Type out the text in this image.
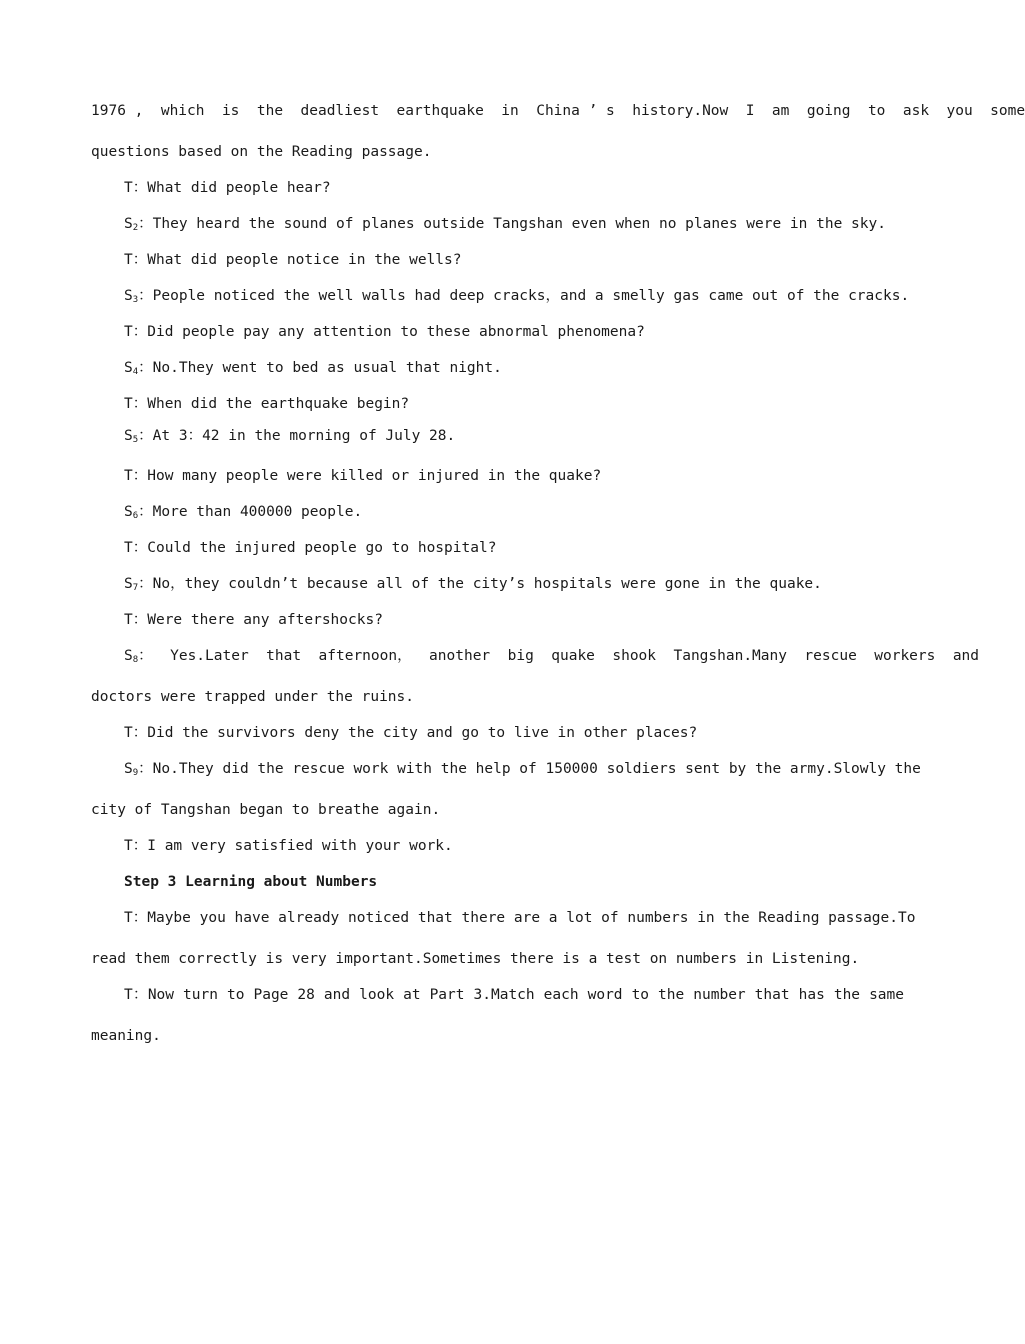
1976 ,  which  is  the  deadliest  earthquake  in  China ’ s  history.Now  I  am  going  to  ask  you  some
questions based on the Reading passage.
T：What did people hear?
$S_2$：They heard the sound of planes outside Tangshan even when no planes were in the sky.
T：What did people notice in the wells?
$S_3$：People noticed the well walls had deep cracks，and a smelly gas came out of the cracks.
T：Did people pay any attention to these abnormal phenomena?
$S_4$：No.They went to bed as usual that night.
T：When did the earthquake begin?
$S_5$：At 3：42 in the morning of July 28.
T：How many people were killed or injured in the quake?
$S_6$：More than 400000 people.
T：Could the injured people go to hospital?
$S_7$：No，they couldn’t because all of the city’s hospitals were gone in the quake.
T：Were there any aftershocks?
$S_8$：  Yes.Later  that  afternoon，  another  big  quake  shook  Tangshan.Many  rescue  workers  and
doctors were trapped under the ruins.
T：Did the survivors deny the city and go to live in other places?
$S_9$：No.They did the rescue work with the help of 150000 soldiers sent by the army.Slowly the
city of Tangshan began to breathe again.
T：I am very satisfied with your work.
Step 3 Learning about Numbers
T：Maybe you have already noticed that there are a lot of numbers in the Reading passage.To
read them correctly is very important.Sometimes there is a test on numbers in Listening.
T：Now turn to Page 28 and look at Part 3.Match each word to the number that has the same
meaning.
